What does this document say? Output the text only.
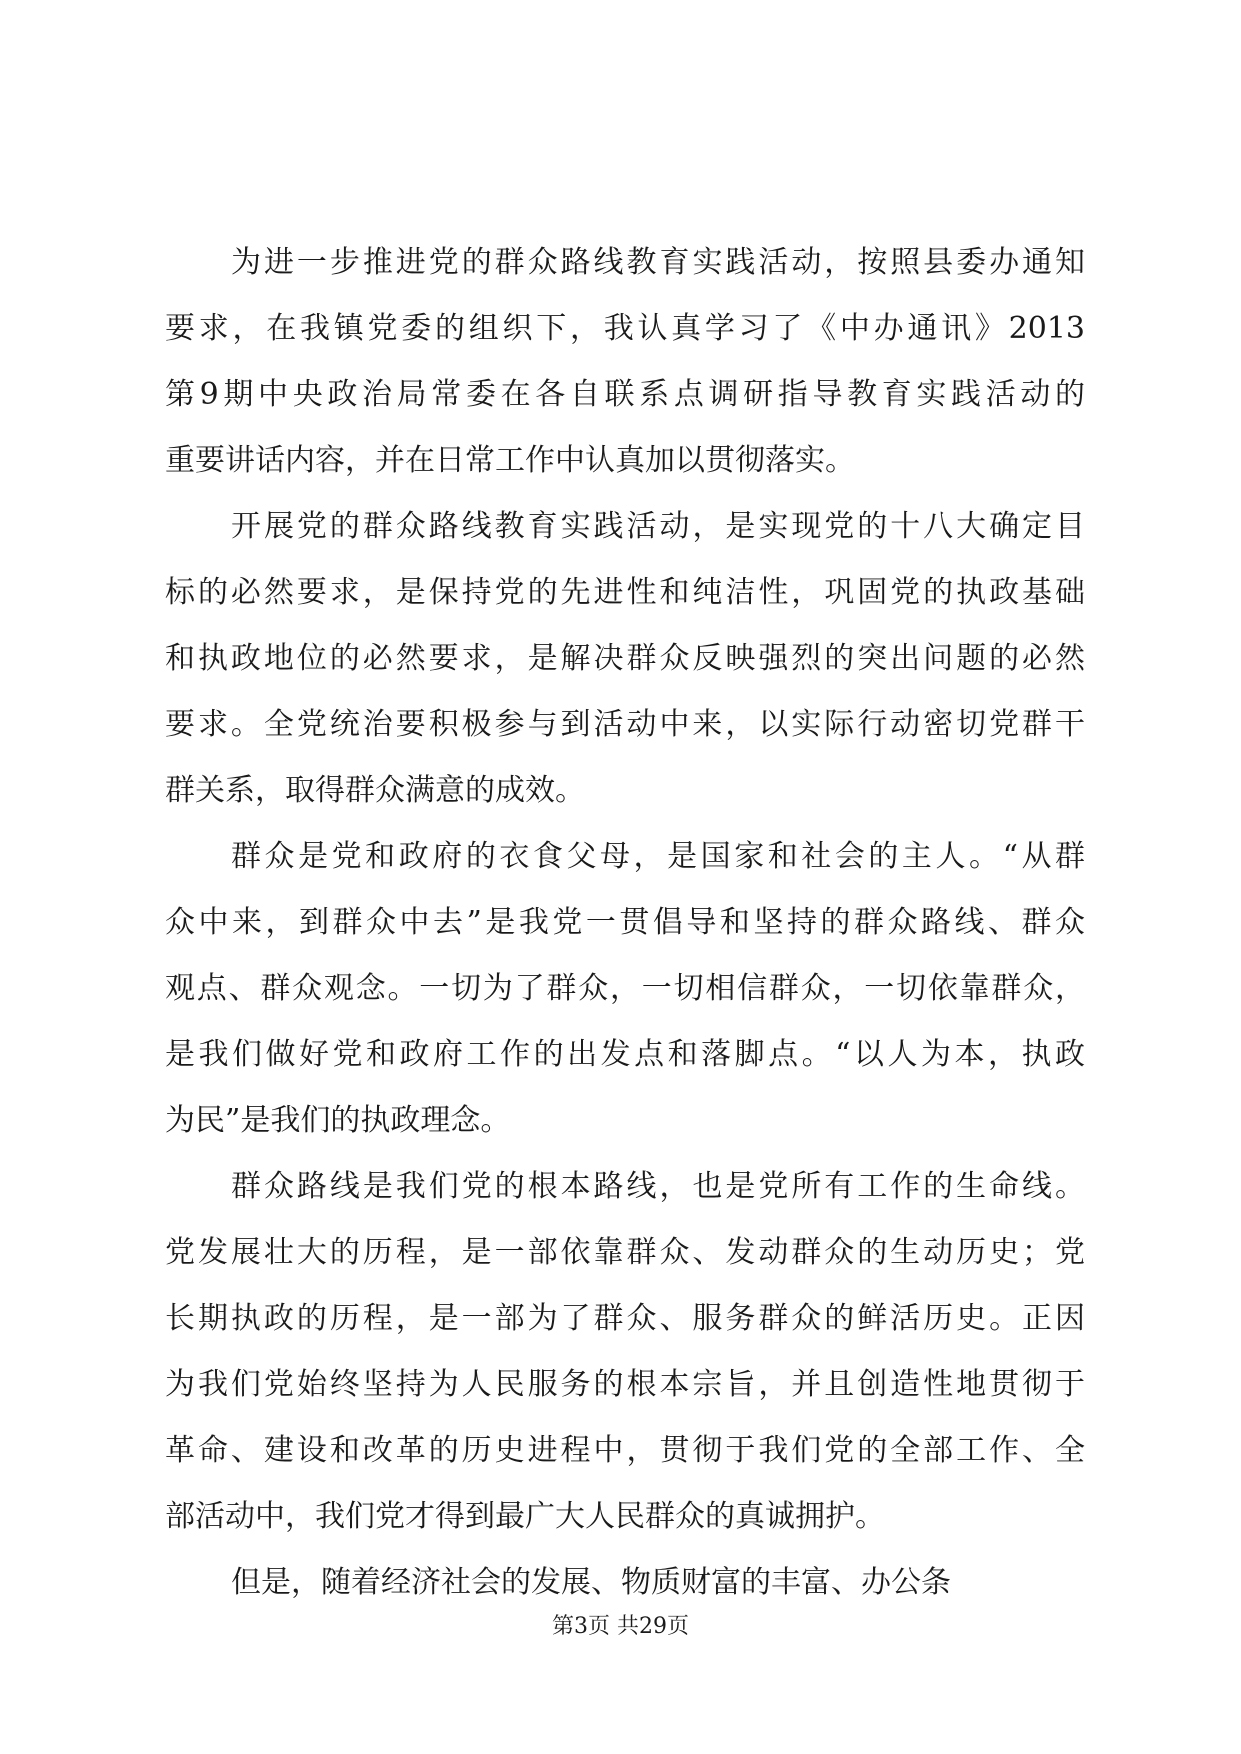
为进一步推进党的群众路线教育实践活动，按照县委办通知
要求，在我镇党委的组织下，我认真学习了《中办通讯》2013
第9期中央政治局常委在各自联系点调研指导教育实践活动的
重要讲话内容，并在日常工作中认真加以贯彻落实。
开展党的群众路线教育实践活动，是实现党的十八大确定目
标的必然要求，是保持党的先进性和纯洁性，巩固党的执政基础
和执政地位的必然要求，是解决群众反映强烈的突出问题的必然
要求。全党统治要积极参与到活动中来，以实际行动密切党群干
群关系，取得群众满意的成效。
群众是党和政府的衣食父母，是国家和社会的主人。“从群
众中来，到群众中去”是我党一贯倡导和坚持的群众路线、群众
观点、群众观念。一切为了群众，一切相信群众，一切依靠群众，
是我们做好党和政府工作的出发点和落脚点。“以人为本，执政
为民”是我们的执政理念。
群众路线是我们党的根本路线，也是党所有工作的生命线。
党发展壮大的历程，是一部依靠群众、发动群众的生动历史；党
长期执政的历程，是一部为了群众、服务群众的鲜活历史。正因
为我们党始终坚持为人民服务的根本宗旨，并且创造性地贯彻于
革命、建设和改革的历史进程中，贯彻于我们党的全部工作、全
部活动中，我们党才得到最广大人民群众的真诚拥护。
但是，随着经济社会的发展、物质财富的丰富、办公条
第3页 共29页
